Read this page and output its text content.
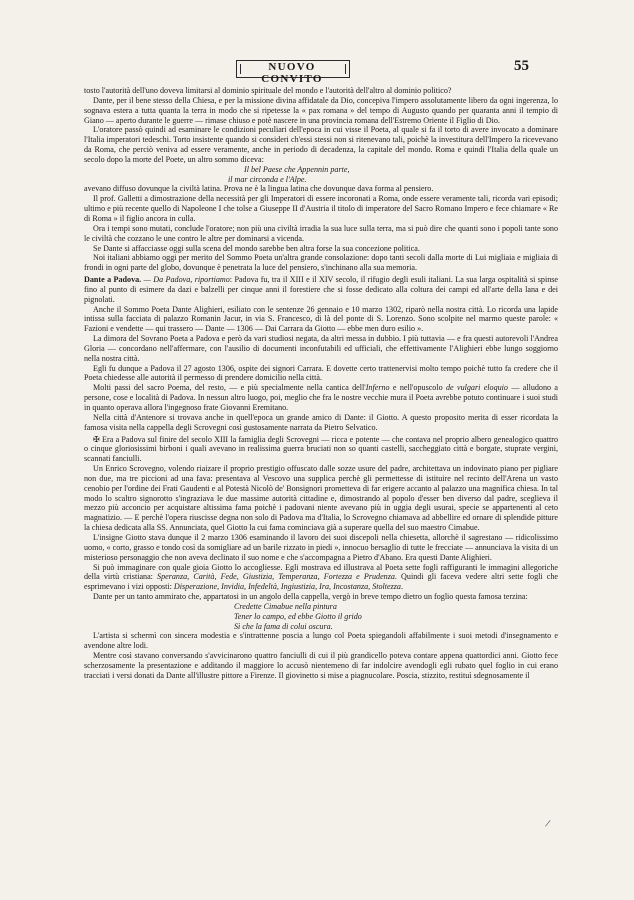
NUOVO CONVITO
55

tosto l'autorità dell'uno doveva limitarsi al dominio spirituale del mondo e l'autorità dell'altro al dominio politico?

Dante, per il bene stesso della Chiesa, e per la missione divina affidatale da Dio, concepiva l'impero assolutamente libero da ogni ingerenza, lo sognava estera a tutta quanta la terra in modo che si ripetesse la « pax romana » del tempo di Augusto quando per quaranta anni il tempio di Giano — aperto durante le guerre — rimase chiuso e potè nascere in una provincia romana dell'Estremo Oriente il Figlio di Dio.

L'oratore passò quindi ad esaminare le condizioni peculiari dell'epoca in cui visse il Poeta, al quale si fa il torto di avere invocato a dominare l'Italia imperatori tedeschi. Torto insistente quando si consideri ch'essi stessi non si ritenevano tali, poichè la investitura dell'Impero la ricevevano da Roma, che perciò veniva ad essere veramente, anche in periodo di decadenza, la capitale del mondo. Roma e quindi l'Italia della quale un secolo dopo la morte del Poete, un altro sommo diceva:

Il bel Paese che Appennin parte,
il mar circonda e l'Alpe.

avevano diffuso dovunque la civiltà latina. Prova ne è la lingua latina che dovunque dava forma al pensiero.

Il prof. Galletti a dimostrazione della necessità per gli Imperatori di essere incoronati a Roma, onde essere veramente tali, ricorda vari episodi; ultimo e più recente quello di Napoleone I che tolse a Giuseppe II d'Austria il titolo di imperatore del Sacro Romano Impero e fece chiamare « Re di Roma » il figlio ancora in culla.

Ora i tempi sono mutati, conclude l'oratore; non più una civiltà irradia la sua luce sulla terra, ma si può dire che quanti sono i popoli tante sono le civiltà che cozzano le une contro le altre per dominarsi a vicenda.

Se Dante si affacciasse oggi sulla scena del mondo sarebbe ben altra forse la sua concezione politica.

Noi italiani abbiamo oggi per merito del Sommo Poeta un'altra grande consolazione: dopo tanti secoli dalla morte di Lui migliaia e migliaia di frondi in ogni parte del globo, dovunque è penetrata la luce del pensiero, s'inchinano alla sua memoria.

Dante a Padova. — Da Padova, riportiamo: Padova fu, tra il XIII e il XIV secolo, il rifugio degli esuli italiani. La sua larga ospitalità si spinse fino al punto di esimere da dazi e balzelli per cinque anni il forestiere che si fosse dedicato alla coltura dei campi ed all'arte della lana e dei pignolati.

Anche il Sommo Poeta Dante Alighieri, esiliato con le sentenze 26 gennaio e 10 marzo 1302, riparò nella nostra città. Lo ricorda una lapide intissa sulla facciata di palazzo Romanin Jacur, in via S. Francesco, di là del ponte di S. Lorenzo. Sono scolpite nel marmo queste parole: « Fazioni e vendette — qui trassero — Dante — 1306 — Dai Carrara da Giotto — ebbe men duro esilio ».

La dimora del Sovrano Poeta a Padova e però da vari studiosi negata, da altri messa in dubbio. I più tuttavia — e fra questi autorevoli l'Andrea Gloria — concordano nell'affermare, con l'ausilio di documenti inconfutabili ed ufficiali, che effettivamente l'Alighieri ebbe lungo soggiorno nella nostra città.

Egli fu dunque a Padova il 27 agosto 1306, ospite dei signori Carrara. E dovette certo trattenervisi molto tempo poichè tutto fa credere che il Poeta chiedesse alle autorità il permesso di prendere domicilio nella città.

Molti passi del sacro Poema, del resto, — e più specialmente nella cantica dell'Inferno e nell'opuscolo de vulgari eloquio — alludono a persone, cose e località di Padova. In nessun altro luogo, poi, meglio che fra le nostre vecchie mura il Poeta avrebbe potuto continuare i suoi studi in quanto operava allora l'ingegnoso frate Giovanni Eremitano.

Nella città d'Antenore si trovava anche in quell'epoca un grande amico di Dante: il Giotto. A questo proposito merita di esser ricordata la famosa visita nella cappella degli Scrovegni così gustosamente narrata da Pietro Selvatico.

✠ Era a Padova sul finire del secolo XIII la famiglia degli Scrovegni — ricca e potente — che contava nel proprio albero genealogico quattro o cinque gloriosissimi birboni i quali avevano in realissima guerra bruciati non so quanti castelli, saccheggiato città e borgate, stuprate vergini, scannati fanciulli.

Un Enrico Scrovegno, volendo riaizare il proprio prestigio offuscato dalle sozze usure del padre, architettava un indovinato piano per pigliare non due, ma tre piccioni ad una fava: presentava al Vescovo una supplica perchè gli permettesse di istituire nel recinto dell'Arena un vasto cenobio per l'ordine dei Frati Gaudenti e al Potestà Nicolò de' Bonsignori prometteva di far erigere accanto al palazzo una magnifica chiesa. In tal modo lo scaltro signorotto s'ingraziava le due massime autorità cittadine e, dimostrando al popolo d'esser ben diverso dal padre, sceglieva il mezzo più acconcio per acquistare altissima fama poichè i padovani niente avevano più in uggia degli usurai, specie se appartenenti al ceto magnatizio. — E perchè l'opera riuscisse degna non solo di Padova ma d'Italia, lo Scrovegno chiamava ad abbellire ed ornare di splendide pitture la chiesa dedicata alla SS. Annunciata, quel Giotto la cui fama cominciava già a superare quella del suo maestro Cimabue.

L'insigne Giotto stava dunque il 2 marzo 1306 esaminando il lavoro dei suoi discepoli nella chiesetta, allorchè il sagrestano — ridicolissimo uomo, « corto, grasso e tondo così da somigliare ad un barile rizzato in piedi », innocuo bersaglio di tutte le frecciate — annunciava la visita di un misterioso personaggio che non aveva declinato il suo nome e che s'accompagna a Pietro d'Abano. Era questi Dante Alighieri.

Si può immaginare con quale gioia Giotto lo accogliesse. Egli mostrava ed illustrava al Poeta sette fogli raffiguranti le immagini allegoriche della virtù cristiana: Speranza, Carità, Fede, Giustizia, Temperanza, Fortezza e Prudenza. Quindi gli faceva vedere altri sette fogli che esprimevano i vizi opposti: Disperazione, Invidia, Infedeltà, Ingiustizia, Ira, Incostanza, Stoltezza.

Dante per un tanto ammirato che, appartatosi in un angolo della cappella, vergò in breve tempo dietro un foglio questa famosa terzina:

Credette Cimabue nella pintura
Tener lo campo, ed ebbe Giotto il grido
Sì che la fama di colui oscura.

L'artista si schermì con sincera modestia e s'intrattenne poscia a lungo col Poeta spiegandoli affabilmente i suoi metodi d'insegnamento e avendone altre lodi.

Mentre così stavano conversando s'avvicinarono quattro fanciulli di cui il più grandicello poteva contare appena quattordici anni. Giotto fece scherzosamente la presentazione e additando il maggiore lo accusò nientemeno di far indolcire avendogli egli rubato quel foglio in cui erano tracciati i versi donati da Dante all'illustre pittore a Firenze. Il giovinetto si mise a piagnucolare. Poscia, stizzito, restituì sdegnosamente il

/
